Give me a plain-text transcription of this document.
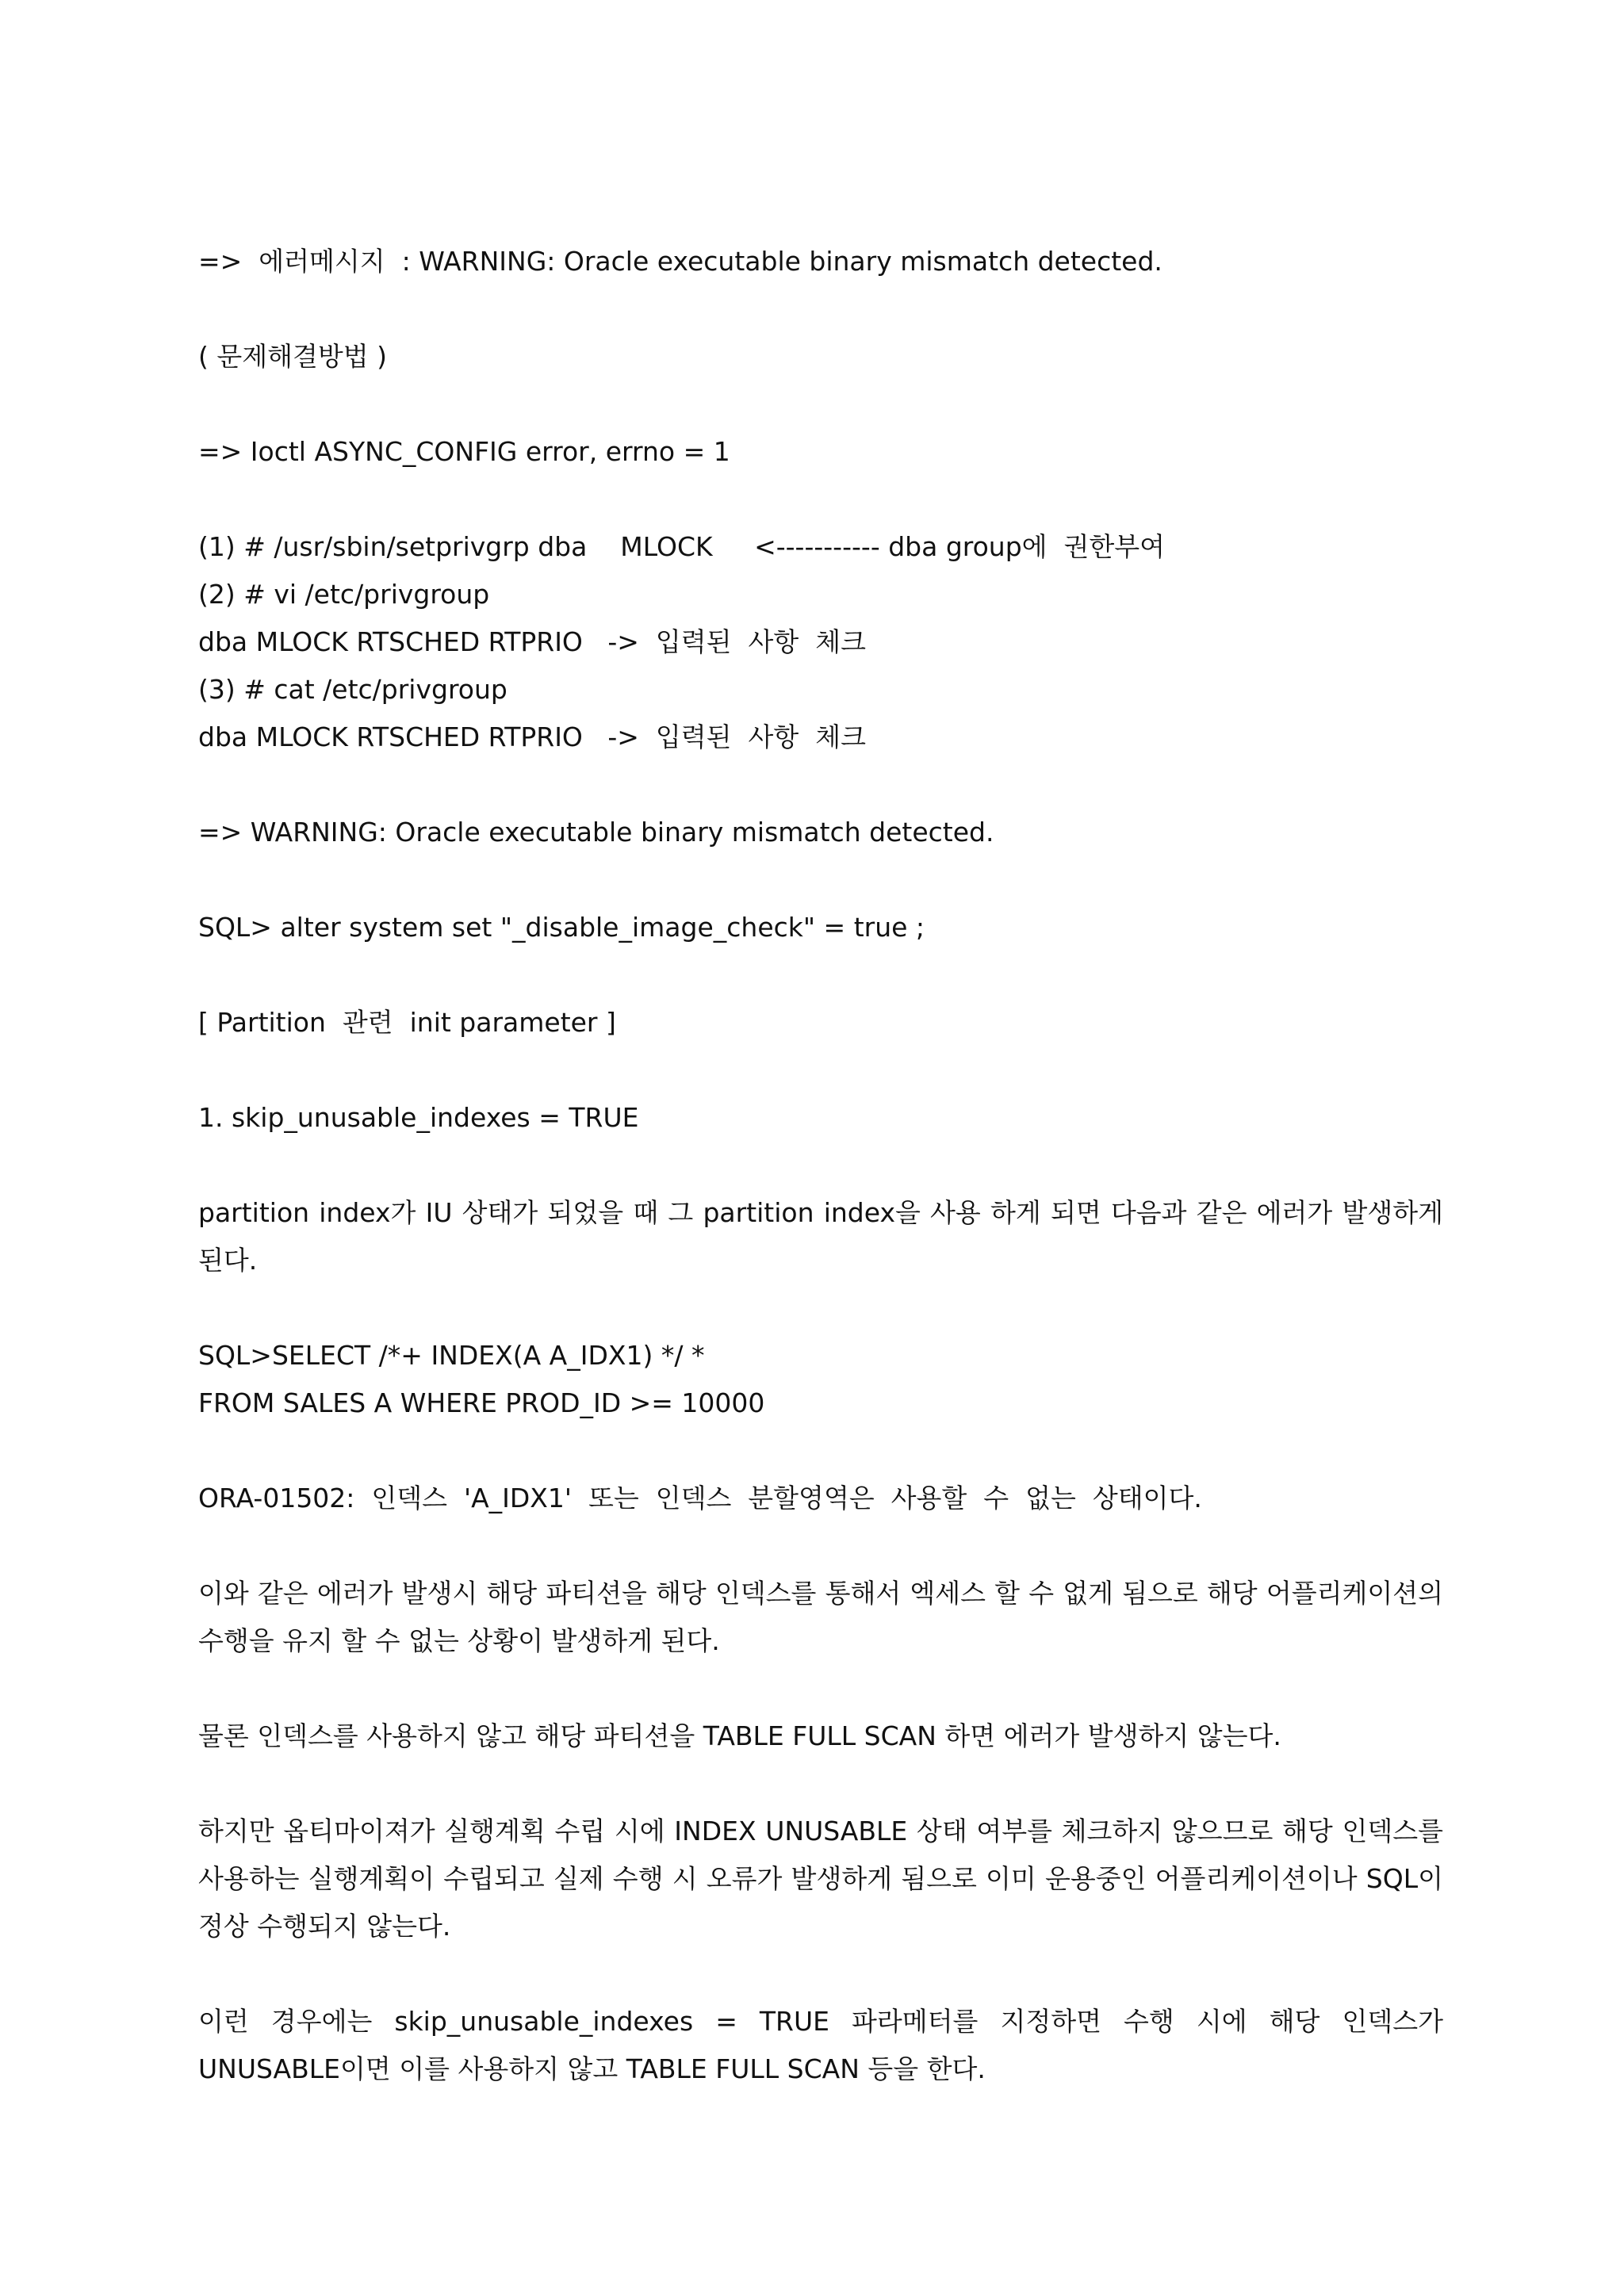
=>  에러메시지  : WARNING: Oracle executable binary mismatch detected.

( 문제해결방법 )

=> Ioctl ASYNC_CONFIG error, errno = 1

(1) # /usr/sbin/setprivgrp dba    MLOCK     <----------- dba group에  권한부여

(2) # vi /etc/privgroup

dba MLOCK RTSCHED RTPRIO   ->  입력된  사항  체크

(3) # cat /etc/privgroup

dba MLOCK RTSCHED RTPRIO   ->  입력된  사항  체크

=> WARNING: Oracle executable binary mismatch detected.

SQL> alter system set "_disable_image_check" = true ;

[ Partition  관련  init parameter ]

1. skip_unusable_indexes = TRUE

partition index가 IU 상태가 되었을 때 그 partition index을 사용 하게 되면 다음과 같은 에러가 발생하게 된다.

SQL>SELECT /*+ INDEX(A A_IDX1) */ *

FROM SALES A WHERE PROD_ID >= 10000

ORA-01502:  인덱스  'A_IDX1'  또는  인덱스  분할영역은  사용할  수  없는  상태이다.

이와 같은 에러가 발생시 해당 파티션을 해당 인덱스를 통해서 엑세스 할 수 없게 됨으로 해당 어플리케이션의 수행을 유지 할 수 없는 상황이 발생하게 된다.

물론 인덱스를 사용하지 않고 해당 파티션을 TABLE FULL SCAN 하면 에러가 발생하지 않는다.

하지만 옵티마이져가 실행계획 수립 시에 INDEX UNUSABLE 상태 여부를 체크하지 않으므로 해당 인덱스를 사용하는 실행계획이 수립되고 실제 수행 시 오류가 발생하게 됨으로 이미 운용중인 어플리케이션이나 SQL이 정상 수행되지 않는다.

이런 경우에는 skip_unusable_indexes = TRUE 파라메터를 지정하면 수행 시에 해당 인덱스가 UNUSABLE이면 이를 사용하지 않고 TABLE FULL SCAN 등을 한다.
